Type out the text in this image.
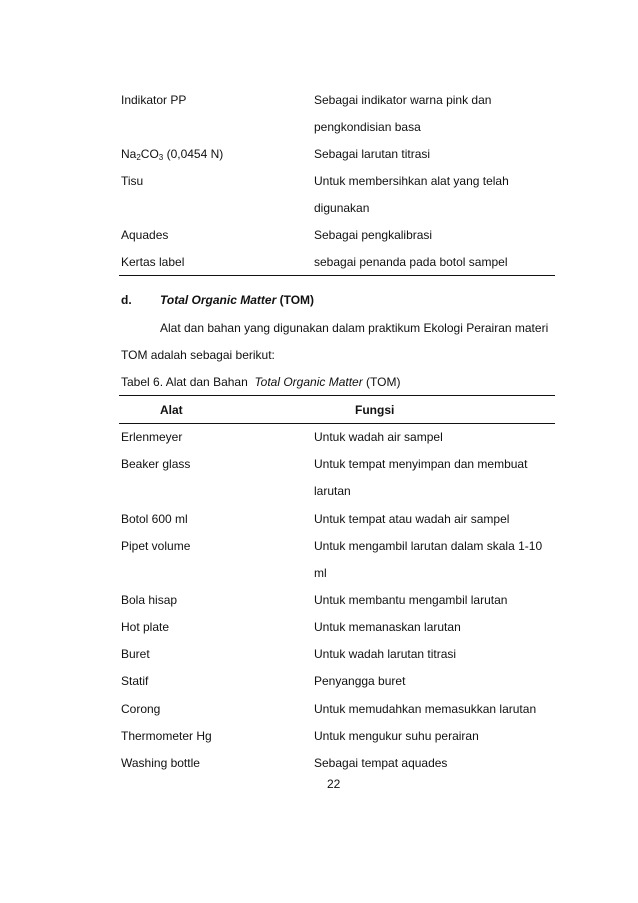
Indikator PP	Sebagai indikator warna pink dan
pengkondisian basa
$Na_2CO_3$ (0,0454 N)	Sebagai larutan titrasi
Tisu	Untuk membersihkan alat yang telah
digunakan
Aquades	Sebagai pengkalibrasi
Kertas label	sebagai penanda pada botol sampel
d. Total Organic Matter (TOM)
Alat dan bahan yang digunakan dalam praktikum Ekologi Perairan materi
TOM adalah sebagai berikut:
Tabel 6. Alat dan Bahan  Total Organic Matter (TOM)
Alat	Fungsi
Erlenmeyer	Untuk wadah air sampel
Beaker glass	Untuk tempat menyimpan dan membuat
larutan
Botol 600 ml	Untuk tempat atau wadah air sampel
Pipet volume	Untuk mengambil larutan dalam skala 1-10
ml
Bola hisap	Untuk membantu mengambil larutan
Hot plate	Untuk memanaskan larutan
Buret	Untuk wadah larutan titrasi
Statif	Penyangga buret
Corong	Untuk memudahkan memasukkan larutan
Thermometer Hg	Untuk mengukur suhu perairan
Washing bottle	Sebagai tempat aquades
22
